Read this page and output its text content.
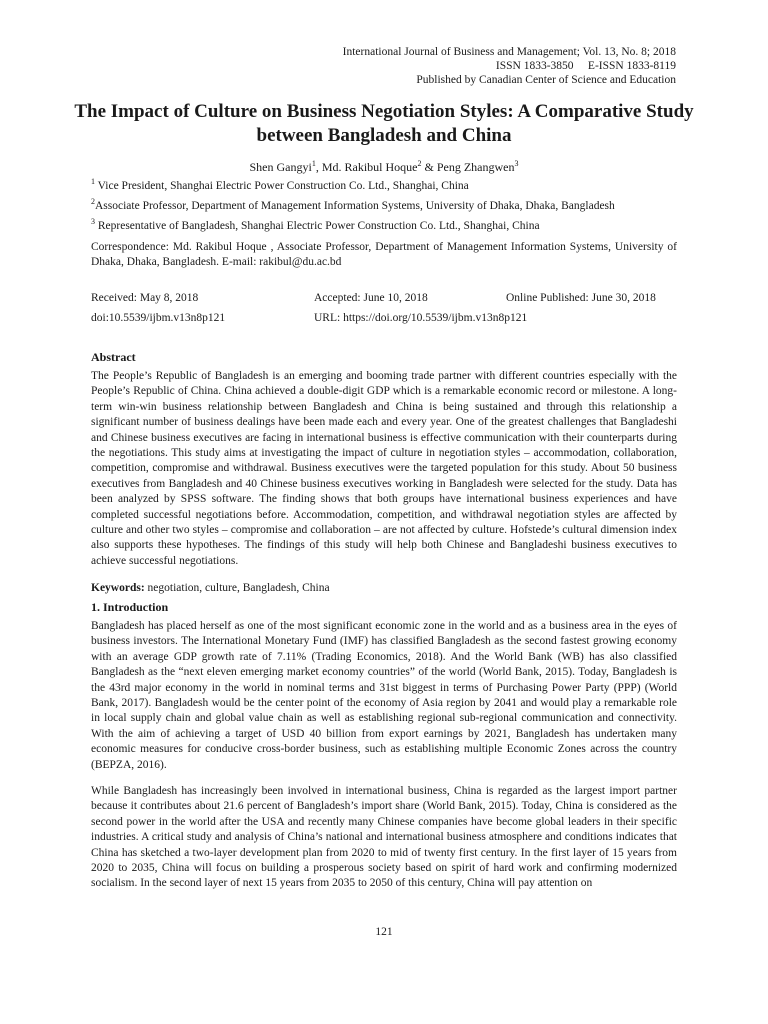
International Journal of Business and Management; Vol. 13, No. 8; 2018
ISSN 1833-3850     E-ISSN 1833-8119
Published by Canadian Center of Science and Education
The Impact of Culture on Business Negotiation Styles: A Comparative Study between Bangladesh and China
Shen Gangyi$^1$, Md. Rakibul Hoque$^2$ & Peng Zhangwen$^3$
$^1$ Vice President, Shanghai Electric Power Construction Co. Ltd., Shanghai, China
$^2$Associate Professor, Department of Management Information Systems, University of Dhaka, Dhaka, Bangladesh
$^3$ Representative of Bangladesh, Shanghai Electric Power Construction Co. Ltd., Shanghai, China
Correspondence: Md. Rakibul Hoque , Associate Professor, Department of Management Information Systems, University of Dhaka, Dhaka, Bangladesh. E-mail: rakibul@du.ac.bd
Received: May 8, 2018	Accepted: June 10, 2018	Online Published: June 30, 2018
doi:10.5539/ijbm.v13n8p121	URL: https://doi.org/10.5539/ijbm.v13n8p121
Abstract
The People’s Republic of Bangladesh is an emerging and booming trade partner with different countries especially with the People’s Republic of China. China achieved a double-digit GDP which is a remarkable economic record or milestone. A long-term win-win business relationship between Bangladesh and China is being sustained and through this relationship a significant number of business dealings have been made each and every year. One of the greatest challenges that Bangladeshi and Chinese business executives are facing in international business is effective communication with their counterparts during the negotiations. This study aims at investigating the impact of culture in negotiation styles – accommodation, collaboration, competition, compromise and withdrawal. Business executives were the targeted population for this study. About 50 business executives from Bangladesh and 40 Chinese business executives working in Bangladesh were selected for the study. Data has been analyzed by SPSS software. The finding shows that both groups have international business experiences and have completed successful negotiations before. Accommodation, competition, and withdrawal negotiation styles are affected by culture and other two styles – compromise and collaboration – are not affected by culture. Hofstede’s cultural dimension index also supports these hypotheses. The findings of this study will help both Chinese and Bangladeshi business executives to achieve successful negotiations.
Keywords: negotiation, culture, Bangladesh, China
1. Introduction
Bangladesh has placed herself as one of the most significant economic zone in the world and as a business area in the eyes of business investors. The International Monetary Fund (IMF) has classified Bangladesh as the second fastest growing economy with an average GDP growth rate of 7.11% (Trading Economics, 2018). And the World Bank (WB) has also classified Bangladesh as the “next eleven emerging market economy countries” of the world (World Bank, 2015). Today, Bangladesh is the 43rd major economy in the world in nominal terms and 31st biggest in terms of Purchasing Power Party (PPP) (World Bank, 2017). Bangladesh would be the center point of the economy of Asia region by 2041 and would play a remarkable role in local supply chain and global value chain as well as establishing regional sub-regional communication and connectivity. With the aim of achieving a target of USD 40 billion from export earnings by 2021, Bangladesh has undertaken many economic measures for conducive cross-border business, such as establishing multiple Economic Zones across the country (BEPZA, 2016).
While Bangladesh has increasingly been involved in international business, China is regarded as the largest import partner because it contributes about 21.6 percent of Bangladesh’s import share (World Bank, 2015). Today, China is considered as the second power in the world after the USA and recently many Chinese companies have become global leaders in their specific industries. A critical study and analysis of China’s national and international business atmosphere and conditions indicates that China has sketched a two-layer development plan from 2020 to mid of twenty first century. In the first layer of 15 years from 2020 to 2035, China will focus on building a prosperous society based on spirit of hard work and confirming modernized socialism. In the second layer of next 15 years from 2035 to 2050 of this century, China will pay attention on
121
